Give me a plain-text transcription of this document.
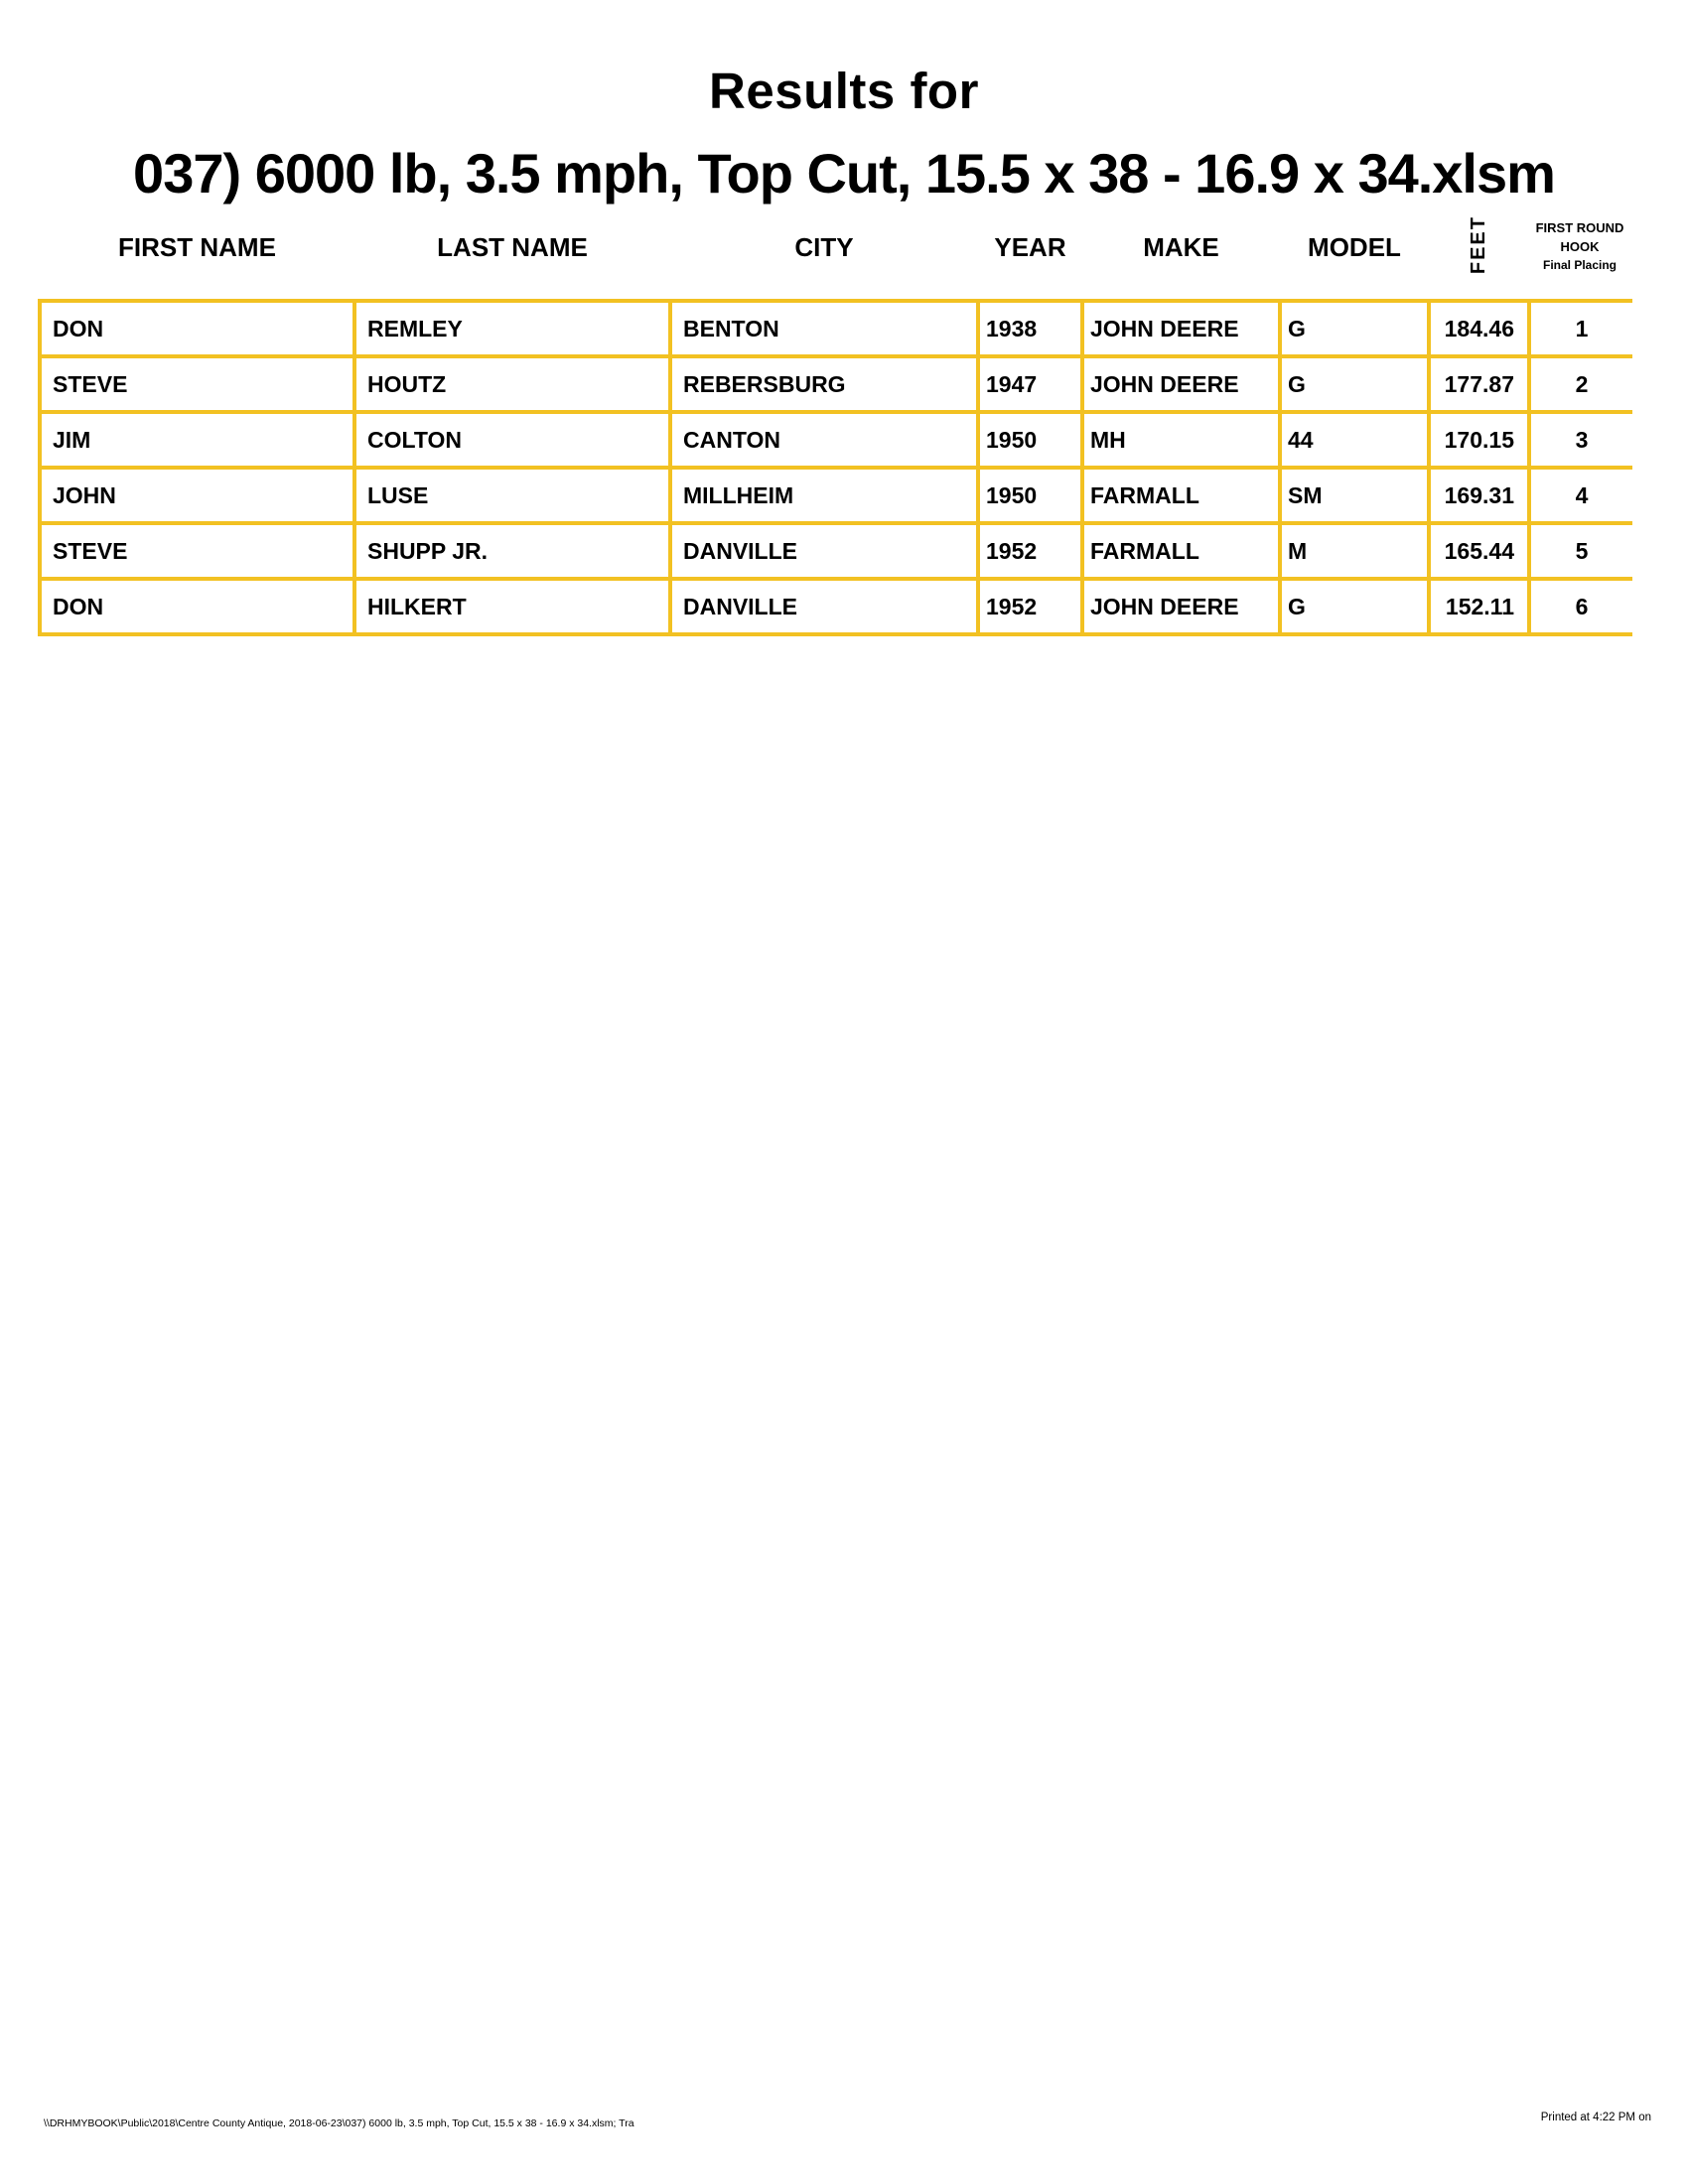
Results for
037) 6000 lb, 3.5 mph, Top Cut, 15.5 x 38 - 16.9 x 34.xlsm
FIRST NAME	LAST NAME	CITY	YEAR	MAKE	MODEL	FEET	FIRST ROUND
HOOK
Final Placing
DON	REMLEY	BENTON	1938	JOHN DEERE	G	184.46	1
STEVE	HOUTZ	REBERSBURG	1947	JOHN DEERE	G	177.87	2
JIM	COLTON	CANTON	1950	MH	44	170.15	3
JOHN	LUSE	MILLHEIM	1950	FARMALL	SM	169.31	4
STEVE	SHUPP JR.	DANVILLE	1952	FARMALL	M	165.44	5
DON	HILKERT	DANVILLE	1952	JOHN DEERE	G	152.11	6
\\DRHMYBOOK\Public\2018\Centre County Antique, 2018-06-23\037) 6000 lb, 3.5 mph, Top Cut, 15.5 x 38 - 16.9 x 34.xlsm; Tra	Printed at 4:22 PM on
